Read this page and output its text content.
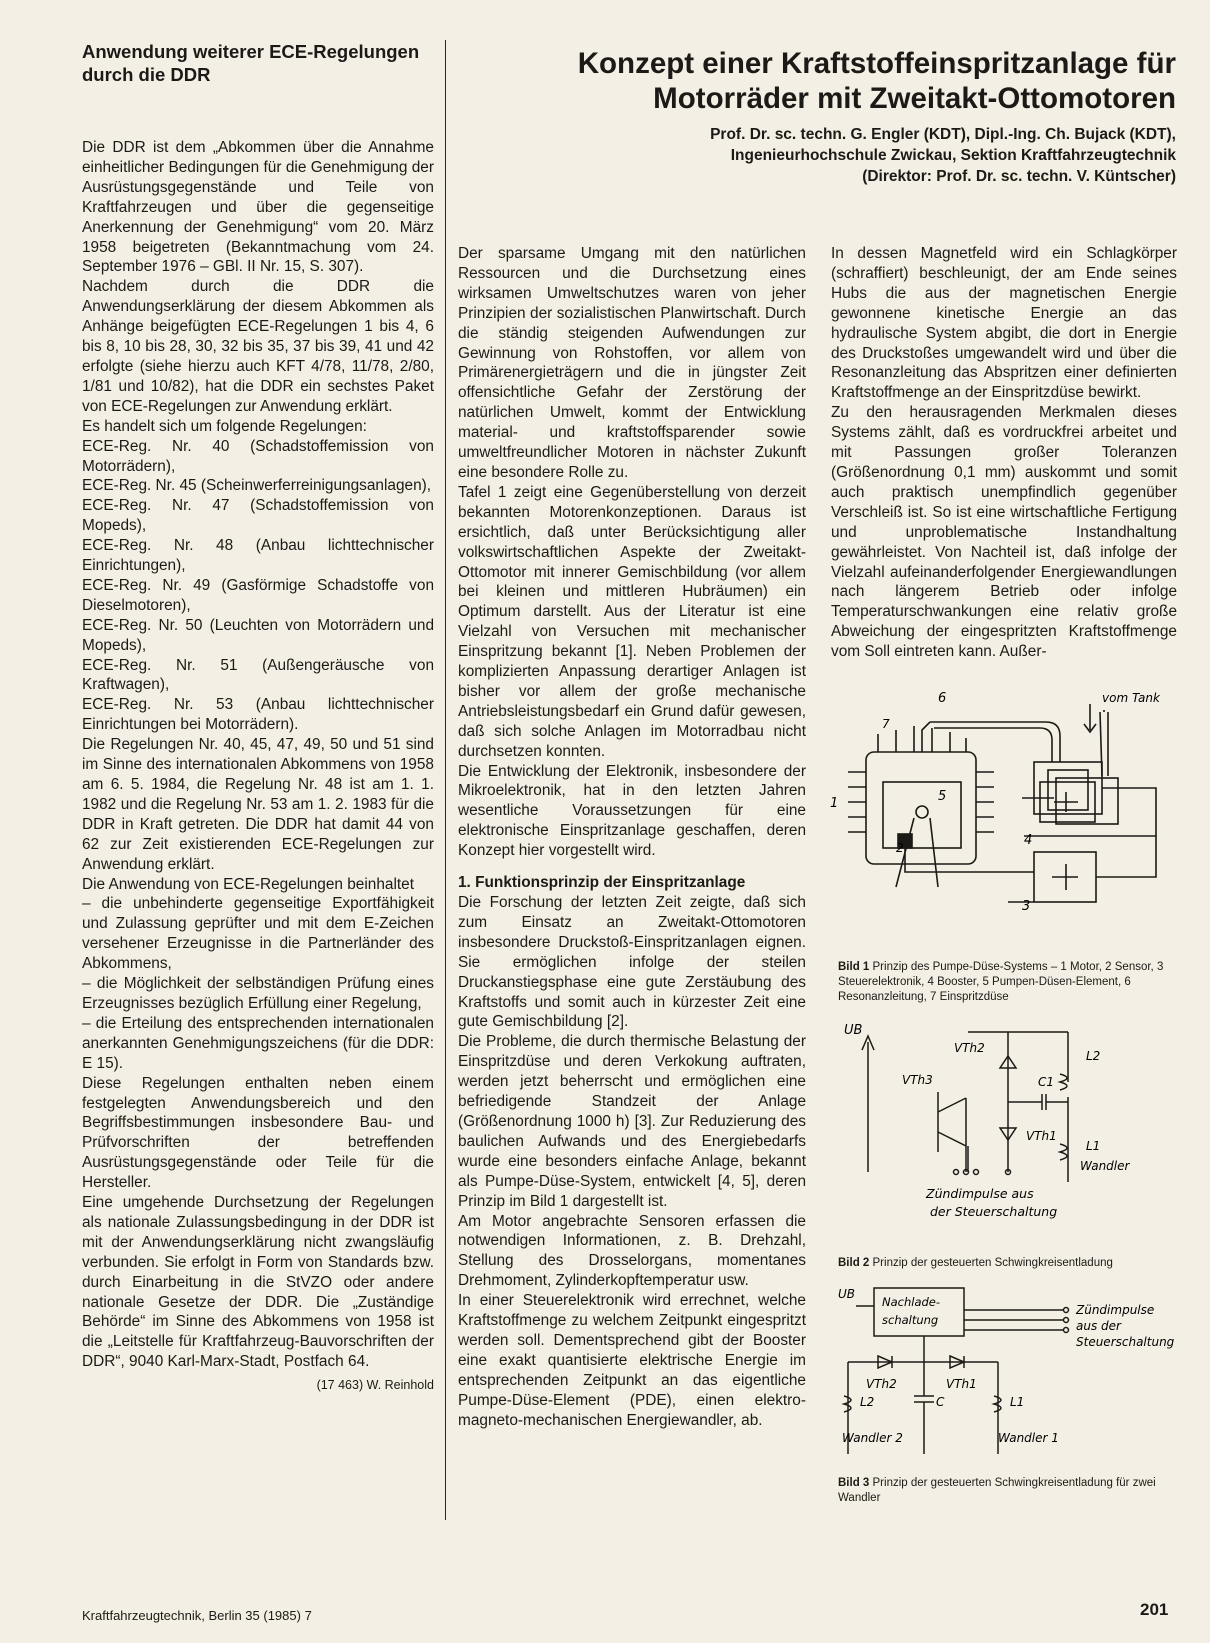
Anwendung weiterer ECE-Regelungen durch die DDR

Die DDR ist dem „Abkommen über die Annahme einheitlicher Bedingungen für die Genehmigung der Ausrüstungsgegenstände und Teile von Kraftfahrzeugen und über die gegenseitige Anerkennung der Genehmigung“ vom 20. März 1958 beigetreten (Bekanntmachung vom 24. September 1976 – GBl. II Nr. 15, S. 307).

Nachdem durch die DDR die Anwendungserklärung der diesem Abkommen als Anhänge beigefügten ECE-Regelungen 1 bis 4, 6 bis 8, 10 bis 28, 30, 32 bis 35, 37 bis 39, 41 und 42 erfolgte (siehe hierzu auch KFT 4/78, 11/78, 2/80, 1/81 und 10/82), hat die DDR ein sechstes Paket von ECE-Regelungen zur Anwendung erklärt.

Es handelt sich um folgende Regelungen:

ECE-Reg. Nr. 40 (Schadstoffemission von Motorrädern),

ECE-Reg. Nr. 45 (Scheinwerferreinigungsanlagen),

ECE-Reg. Nr. 47 (Schadstoffemission von Mopeds),

ECE-Reg. Nr. 48 (Anbau lichttechnischer Einrichtungen),

ECE-Reg. Nr. 49 (Gasförmige Schadstoffe von Dieselmotoren),

ECE-Reg. Nr. 50 (Leuchten von Motorrädern und Mopeds),

ECE-Reg. Nr. 51 (Außengeräusche von Kraftwagen),

ECE-Reg. Nr. 53 (Anbau lichttechnischer Einrichtungen bei Motorrädern).

Die Regelungen Nr. 40, 45, 47, 49, 50 und 51 sind im Sinne des internationalen Abkommens von 1958 am 6. 5. 1984, die Regelung Nr. 48 ist am 1. 1. 1982 und die Regelung Nr. 53 am 1. 2. 1983 für die DDR in Kraft getreten. Die DDR hat damit 44 von 62 zur Zeit existierenden ECE-Regelungen zur Anwendung erklärt.

Die Anwendung von ECE-Regelungen beinhaltet

– die unbehinderte gegenseitige Exportfähigkeit und Zulassung geprüfter und mit dem E-Zeichen versehener Erzeugnisse in die Partnerländer des Abkommens,

– die Möglichkeit der selbständigen Prüfung eines Erzeugnisses bezüglich Erfüllung einer Regelung,

– die Erteilung des entsprechenden internationalen anerkannten Genehmigungszeichens (für die DDR: E 15).

Diese Regelungen enthalten neben einem festgelegten Anwendungsbereich und den Begriffsbestimmungen insbesondere Bau- und Prüfvorschriften der betreffenden Ausrüstungsgegenstände oder Teile für die Hersteller.

Eine umgehende Durchsetzung der Regelungen als nationale Zulassungsbedingung in der DDR ist mit der Anwendungserklärung nicht zwangsläufig verbunden. Sie erfolgt in Form von Standards bzw. durch Einarbeitung in die StVZO oder andere nationale Gesetze der DDR. Die „Zuständige Behörde“ im Sinne des Abkommens von 1958 ist die „Leitstelle für Kraftfahrzeug-Bauvorschriften der DDR“, 9040 Karl-Marx-Stadt, Postfach 64.

(17 463) W. Reinhold

Konzept einer Kraftstoffeinspritzanlage für Motorräder mit Zweitakt-Ottomotoren
Prof. Dr. sc. techn. G. Engler (KDT), Dipl.-Ing. Ch. Bujack (KDT),
Ingenieurhochschule Zwickau, Sektion Kraftfahrzeugtechnik
(Direktor: Prof. Dr. sc. techn. V. Küntscher)

Der sparsame Umgang mit den natürlichen Ressourcen und die Durchsetzung eines wirksamen Umweltschutzes waren von jeher Prinzipien der sozialistischen Planwirtschaft. Durch die ständig steigenden Aufwendungen zur Gewinnung von Rohstoffen, vor allem von Primärenergieträgern und die in jüngster Zeit offensichtliche Gefahr der Zerstörung der natürlichen Umwelt, kommt der Entwicklung material- und kraftstoffsparender sowie umweltfreundlicher Motoren in nächster Zukunft eine besondere Rolle zu.

Tafel 1 zeigt eine Gegenüberstellung von derzeit bekannten Motorenkonzeptionen. Daraus ist ersichtlich, daß unter Berücksichtigung aller volkswirtschaftlichen Aspekte der Zweitakt-Ottomotor mit innerer Gemischbildung (vor allem bei kleinen und mittleren Hubräumen) ein Optimum darstellt. Aus der Literatur ist eine Vielzahl von Versuchen mit mechanischer Einspritzung bekannt [1]. Neben Problemen der komplizierten Anpassung derartiger Anlagen ist bisher vor allem der große mechanische Antriebsleistungsbedarf ein Grund dafür gewesen, daß sich solche Anlagen im Motorradbau nicht durchsetzen konnten.

Die Entwicklung der Elektronik, insbesondere der Mikroelektronik, hat in den letzten Jahren wesentliche Voraussetzungen für eine elektronische Einspritzanlage geschaffen, deren Konzept hier vorgestellt wird.

1. Funktionsprinzip der Einspritzanlage

Die Forschung der letzten Zeit zeigte, daß sich zum Einsatz an Zweitakt-Ottomotoren insbesondere Druckstoß-Einspritzanlagen eignen. Sie ermöglichen infolge der steilen Druckanstiegsphase eine gute Zerstäubung des Kraftstoffs und somit auch in kürzester Zeit eine gute Gemischbildung [2].

Die Probleme, die durch thermische Belastung der Einspritzdüse und deren Verkokung auftraten, werden jetzt beherrscht und ermöglichen eine befriedigende Standzeit der Anlage (Größenordnung 1000 h) [3]. Zur Reduzierung des baulichen Aufwands und des Energiebedarfs wurde eine besonders einfache Anlage, bekannt als Pumpe-Düse-System, entwickelt [4, 5], deren Prinzip im Bild 1 dargestellt ist.

Am Motor angebrachte Sensoren erfassen die notwendigen Informationen, z. B. Drehzahl, Stellung des Drosselorgans, momentanes Drehmoment, Zylinderkopftemperatur usw.

In einer Steuerelektronik wird errechnet, welche Kraftstoffmenge zu welchem Zeitpunkt eingespritzt werden soll. Dementsprechend gibt der Booster eine exakt quantisierte elektrische Energie im entsprechenden Zeitpunkt an das eigentliche Pumpe-Düse-Element (PDE), einen elektro-magneto-mechanischen Energiewandler, ab.

In dessen Magnetfeld wird ein Schlagkörper (schraffiert) beschleunigt, der am Ende seines Hubs die aus der magnetischen Energie gewonnene kinetische Energie an das hydraulische System abgibt, die dort in Energie des Druckstoßes umgewandelt wird und über die Resonanzleitung das Abspritzen einer definierten Kraftstoffmenge an der Einspritzdüse bewirkt.

Zu den herausragenden Merkmalen dieses Systems zählt, daß es vordruckfrei arbeitet und mit Passungen großer Toleranzen (Größenordnung 0,1 mm) auskommt und somit auch praktisch unempfindlich gegenüber Verschleiß ist. So ist eine wirtschaftliche Fertigung und unproblematische Instandhaltung gewährleistet. Von Nachteil ist, daß infolge der Vielzahl aufeinanderfolgender Energiewandlungen nach längerem Betrieb oder infolge Temperaturschwankungen eine relativ große Abweichung der eingespritzten Kraftstoffmenge vom Soll eintreten kann. Außer-

1
2
3
4
5
6
7
vom Tank
Bild 1 Prinzip des Pumpe-Düse-Systems – 1 Motor, 2 Sensor, 3 Steuerelektronik, 4 Booster, 5 Pumpen-Düsen-Element, 6 Resonanzleitung, 7 Einspritzdüse
UB
VTh2
VTh3
VTh1
C1
L2
L1
Wandler
Zündimpulse aus
der Steuerschaltung
Bild 2 Prinzip der gesteuerten Schwingkreisentladung
UB
Nachlade-
schaltung
Zündimpulse
aus der
Steuerschaltung
VTh2	VTh1
C
L2	L1
Wandler 2	Wandler 1
Bild 3 Prinzip der gesteuerten Schwingkreisentladung für zwei Wandler
Kraftfahrzeugtechnik, Berlin 35 (1985) 7	201
